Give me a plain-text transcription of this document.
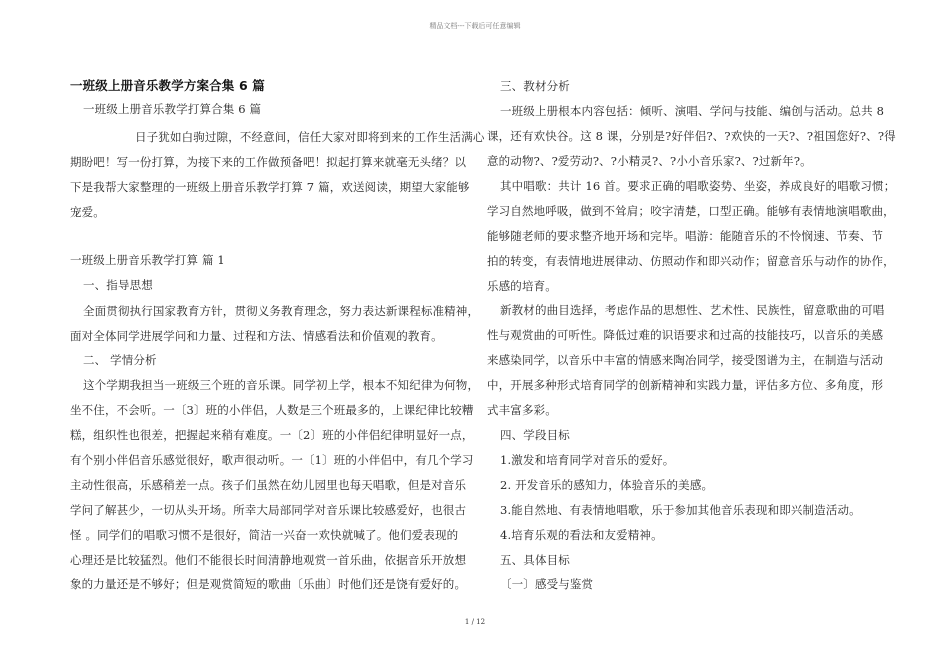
精品文档---下载后可任意编辑
一班级上册音乐教学方案合集 6 篇
一班级上册音乐教学打算合集 6 篇
日子犹如白驹过隙，不经意间，信任大家对即将到来的工作生活满心
期盼吧！写一份打算，为接下来的工作做预备吧！拟起打算来就毫无头绪？以
下是我帮大家整理的一班级上册音乐教学打算 7 篇，欢送阅读，期望大家能够
宠爱。
一班级上册音乐教学打算 篇 1
一、指导思想
全面贯彻执行国家教育方针，贯彻义务教育理念，努力表达新课程标准精神，
面对全体同学进展学问和力量、过程和方法、情感看法和价值观的教育。
二、 学情分析
这个学期我担当一班级三个班的音乐课。同学初上学，根本不知纪律为何物，
坐不住，不会听。一〔3〕班的小伴侣，人数是三个班最多的，上课纪律比较糟
糕，组织性也很差，把握起来稍有难度。一〔2〕班的小伴侣纪律明显好一点，
有个别小伴侣音乐感觉很好，歌声很动听。一〔1〕班的小伴侣中，有几个学习
主动性很高，乐感稍差一点。孩子们虽然在幼儿园里也每天唱歌，但是对音乐
学问了解甚少，一切从头开场。所幸大局部同学对音乐课比较感爱好，也很古
怪 。同学们的唱歌习惯不是很好，简洁一兴奋一欢快就喊了。他们爱表现的
心理还是比较猛烈。他们不能很长时间清静地观赏一首乐曲，依据音乐开放想
象的力量还是不够好；但是观赏简短的歌曲〔乐曲〕时他们还是饶有爱好的。
三、教材分析
一班级上册根本内容包括：倾听、演唱、学问与技能、编创与活动。总共 8
课，还有欢快谷。这 8 课，分别是?好伴侣?、?欢快的一天?、?祖国您好?、?得
意的动物?、?爱劳动?、?小精灵?、?小小音乐家?、?过新年?。
其中唱歌：共计 16 首。要求正确的唱歌姿势、坐姿，养成良好的唱歌习惯；
学习自然地呼吸，做到不耸肩；咬字清楚，口型正确。能够有表情地演唱歌曲，
能够随老师的要求整齐地开场和完毕。唱游：能随音乐的不怜悯速、节奏、节
拍的转变，有表情地进展律动、仿照动作和即兴动作；留意音乐与动作的协作，
乐感的培育。
新教材的曲目选择，考虑作品的思想性、艺术性、民族性，留意歌曲的可唱
性与观赏曲的可听性。降低过难的识语要求和过高的技能技巧，以音乐的美感
来感染同学，以音乐中丰富的情感来陶冶同学，接受图谱为主，在制造与活动
中，开展多种形式培育同学的创新精神和实践力量，评估多方位、多角度，形
式丰富多彩。
四、学段目标
1.激发和培育同学对音乐的爱好。
2. 开发音乐的感知力，体验音乐的美感。
3.能自然地、有表情地唱歌，乐于参加其他音乐表现和即兴制造活动。
4.培育乐观的看法和友爱精神。
五、具体目标
〔一〕感受与鉴赏
1 / 12
